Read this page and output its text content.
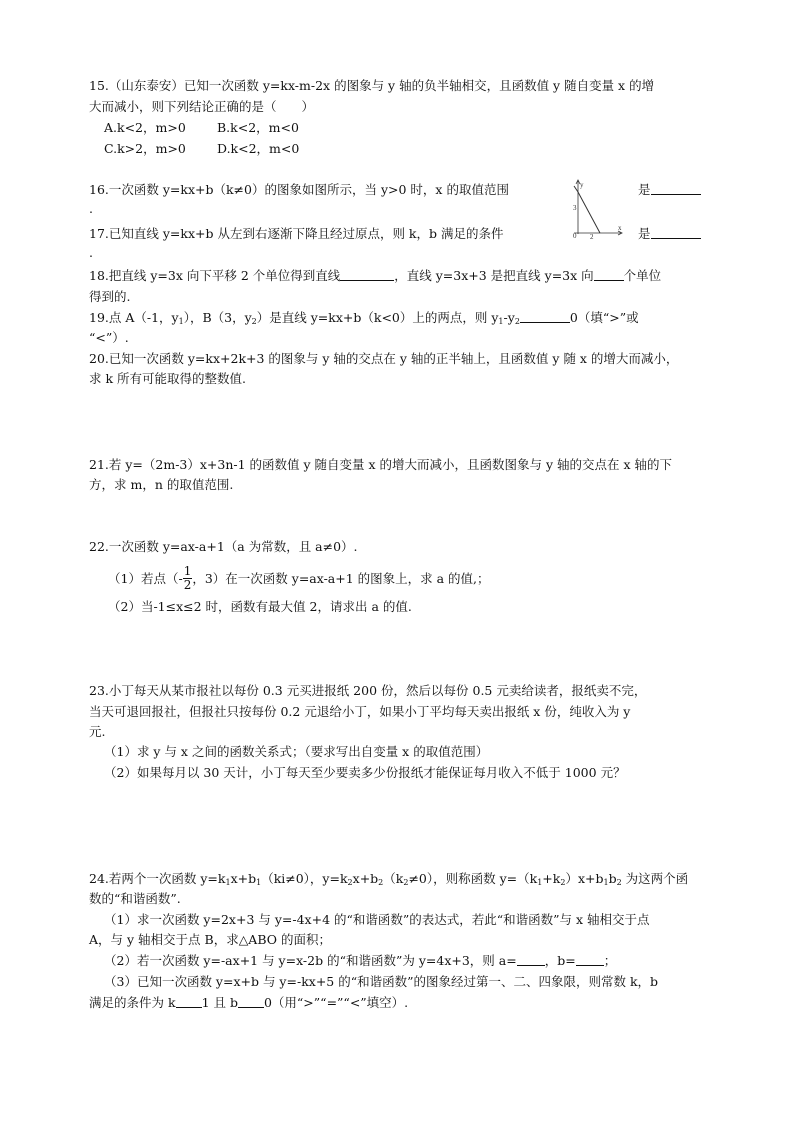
15.（山东泰安）已知一次函数 y=kx-m-2x 的图象与 y 轴的负半轴相交，且函数值 y 随自变量 x 的增
大而减小，则下列结论正确的是（　　）
A.k<2，m>0 B.k<2，m<0
C.k>2，m>0 D.k<2，m<0
16.一次函数 y=kx+b（k≠0）的图象如图所示，当 y>0 时，x 的取值范围	是
.
y
x
3
0 2
17.已知直线 y=kx+b 从左到右逐渐下降且经过原点，则 k，b 满足的条件	是
.
18.把直线 y=3x 向下平移 2 个单位得到直线	，直线 y=3x+3 是把直线 y=3x 向 个单位
得到的.
19.点 A（-1，$y_1$），B（3，$y_2$）是直线 y=kx+b（k<0）上的两点，则 $y_1-y_2$	0（填“>”或
“<”）.
20.已知一次函数 y=kx+2k+3 的图象与 y 轴的交点在 y 轴的正半轴上，且函数值 y 随 x 的增大而减小，
求 k 所有可能取得的整数值.
21.若 y=（2m-3）x+3n-1 的函数值 y 随自变量 x 的增大而减小，且函数图象与 y 轴的交点在 x 轴的下
方，求 m，n 的取值范围.
22.一次函数 y=ax-a+1（a 为常数，且 a≠0）.
（1）若点（- $\frac{1}{2}$ ，3）在一次函数 y=ax-a+1 的图象上，求 a 的值,；
（2）当-1≤x≤2 时，函数有最大值 2，请求出 a 的值.
23.小丁每天从某市报社以每份 0.3 元买进报纸 200 份，然后以每份 0.5 元卖给读者，报纸卖不完，
当天可退回报社，但报社只按每份 0.2 元退给小丁，如果小丁平均每天卖出报纸 x 份，纯收入为 y
元.
（1）求 y 与 x 之间的函数关系式；（要求写出自变量 x 的取值范围）
（2）如果每月以 30 天计，小丁每天至少要卖多少份报纸才能保证每月收入不低于 1000 元？
24.若两个一次函数 $y=k_1x+b_1(ki\ne 0)$，$y=k_2x+b_2(k_2\ne 0)$，则称函数 $y=(k_1+k_2)x+b_1b_2$ 为这两个函
数的“和谐函数”.
（1）求一次函数 y=2x+3 与 y=-4x+4 的“和谐函数”的表达式，若此“和谐函数”与 x 轴相交于点
A，与 y 轴相交于点 B，求△ABO 的面积；
（2）若一次函数 y=-ax+1 与 y=x-2b 的“和谐函数”为 y=4x+3，则 a= ，b= ；
（3）已知一次函数 y=x+b 与 y=-kx+5 的“和谐函数”的图象经过第一、二、四象限，则常数 k，b
满足的条件为 k 1 且 b 0（用“>”“=”“<”填空）.
